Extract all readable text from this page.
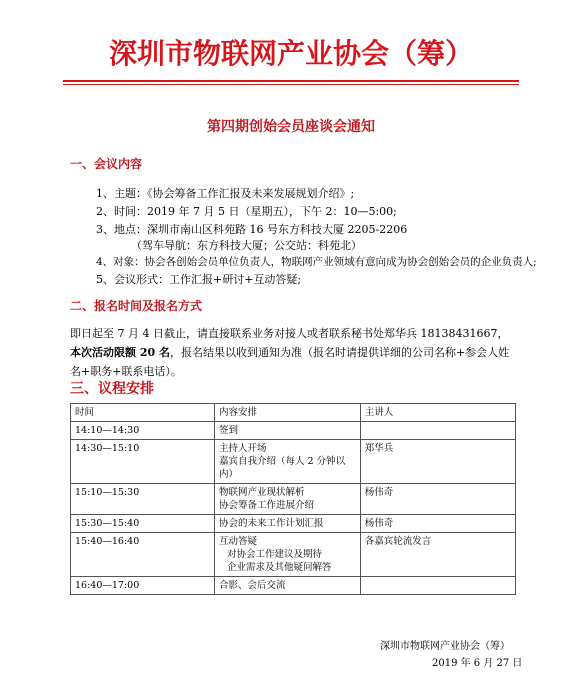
深圳市物联网产业协会（筹）
第四期创始会员座谈会通知
一、会议内容
1、主题：《协会筹备工作汇报及未来发展规划介绍》;
2、时间：2019 年 7 月 5 日（星期五），下午 2：10—5:00;
3、地点：深圳市南山区科苑路 16 号东方科技大厦 2205-2206
（驾车导航：东方科技大厦；公交站：科苑北）
4、对象：协会各创始会员单位负责人，物联网产业领域有意向成为协会创始会员的企业负责人;
5、会议形式：工作汇报+研讨+互动答疑;
二、报名时间及报名方式
即日起至 7 月 4 日截止，请直接联系业务对接人或者联系秘书处郑华兵 18138431667，本次活动限额 20 名，报名结果以收到通知为准（报名时请提供详细的公司名称+参会人姓名+职务+联系电话）。
三、议程安排
时间	内容安排	主讲人
14:10—14:30	签到	

14:30—15:10	主持人开场
嘉宾自我介绍（每人 2 分钟以内）	郑华兵
15:10—15:30	物联网产业现状解析
协会筹备工作进展介绍	杨伟奇
15:30—15:40	协会的未来工作计划汇报	杨伟奇
15:40—16:40	互动答疑
对协会工作建议及期待
企业需求及其他疑问解答	各嘉宾轮流发言
16:40—17:00	合影、会后交流	

深圳市物联网产业协会（筹）
2019 年 6 月 27 日
